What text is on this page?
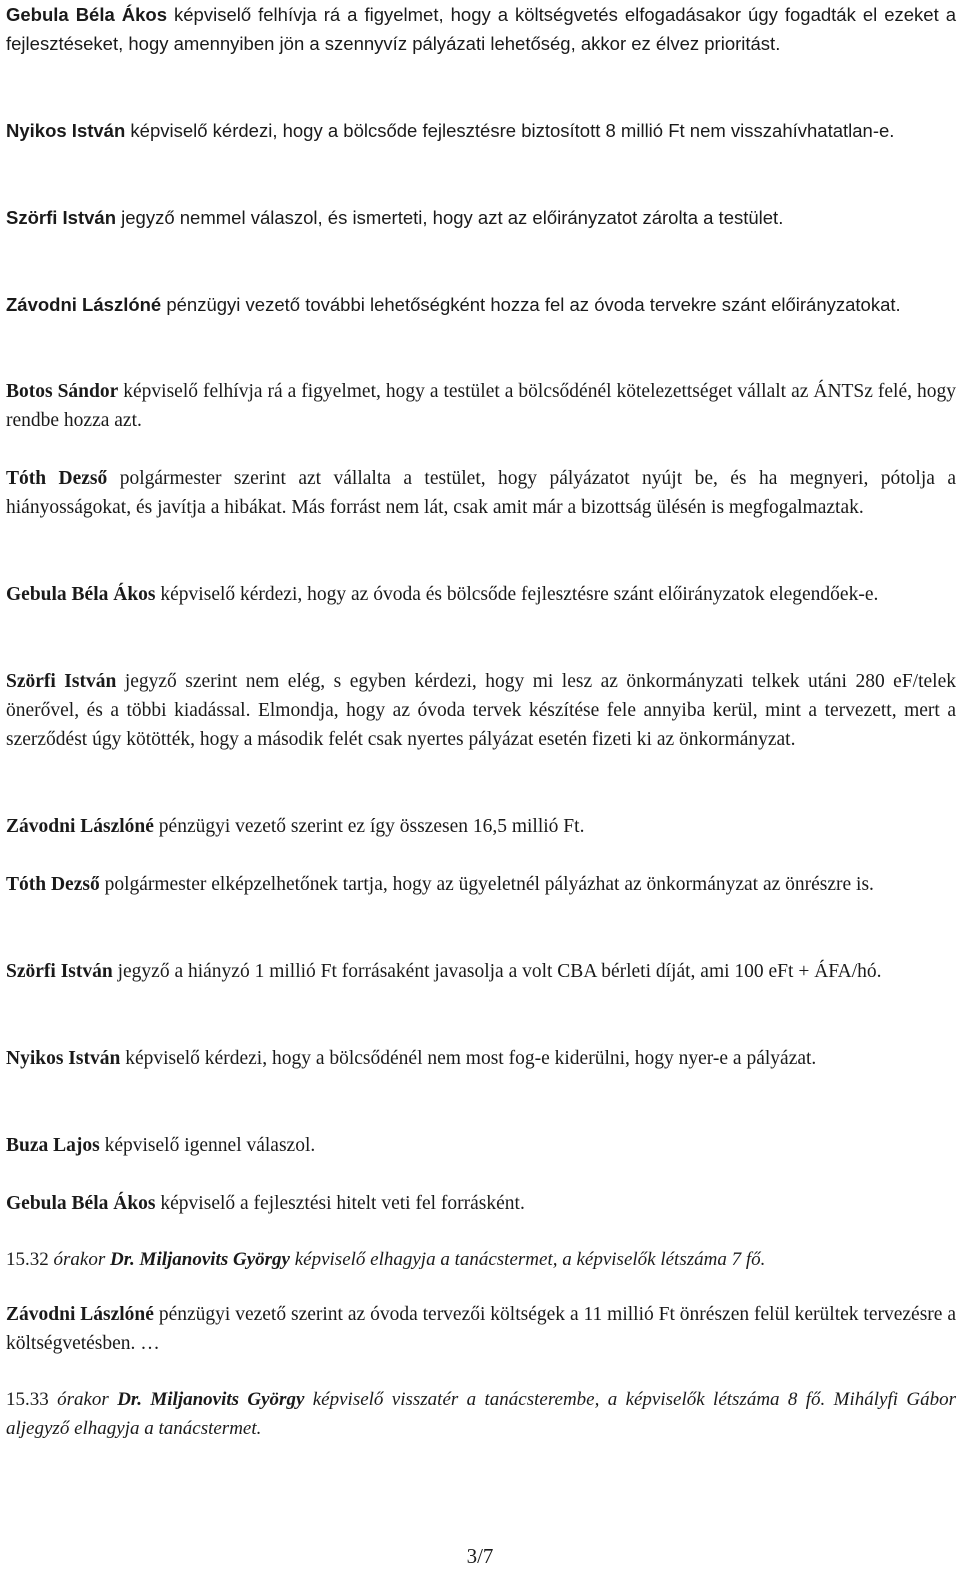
Gebula Béla Ákos képviselő felhívja rá a figyelmet, hogy a költségvetés elfogadásakor úgy fogadták el ezeket a fejlesztéseket, hogy amennyiben jön a szennyvíz pályázati lehetőség, akkor ez élvez prioritást.

Nyikos István képviselő kérdezi, hogy a bölcsőde fejlesztésre biztosított 8 millió Ft nem visszahívhatatlan-e.

Szörfi István jegyző nemmel válaszol, és ismerteti, hogy azt az előirányzatot zárolta a testület.

Závodni Lászlóné pénzügyi vezető további lehetőségként hozza fel az óvoda tervekre szánt előirányzatokat.

Botos Sándor képviselő felhívja rá a figyelmet, hogy a testület a bölcsődénél kötelezettséget vállalt az ÁNTSz felé, hogy rendbe hozza azt.

Tóth Dezső polgármester szerint azt vállalta a testület, hogy pályázatot nyújt be, és ha megnyeri, pótolja a hiányosságokat, és javítja a hibákat. Más forrást nem lát, csak amit már a bizottság ülésén is megfogalmaztak.

Gebula Béla Ákos képviselő kérdezi, hogy az óvoda és bölcsőde fejlesztésre szánt előirányzatok elegendőek-e.

Szörfi István jegyző szerint nem elég, s egyben kérdezi, hogy mi lesz az önkormányzati telkek utáni 280 eF/telek önerővel, és a többi kiadással. Elmondja, hogy az óvoda tervek készítése fele annyiba kerül, mint a tervezett, mert a szerződést úgy kötötték, hogy a második felét csak nyertes pályázat esetén fizeti ki az önkormányzat.

Závodni Lászlóné pénzügyi vezető szerint ez így összesen 16,5 millió Ft.

Tóth Dezső polgármester elképzelhetőnek tartja, hogy az ügyeletnél pályázhat az önkormányzat az önrészre is.

Szörfi István jegyző a hiányzó 1 millió Ft forrásaként javasolja a volt CBA bérleti díját, ami 100 eFt + ÁFA/hó.

Nyikos István képviselő kérdezi, hogy a bölcsődénél nem most fog-e kiderülni, hogy nyer-e a pályázat.

Buza Lajos képviselő igennel válaszol.

Gebula Béla Ákos képviselő a fejlesztési hitelt veti fel forrásként.

15.32 órakor Dr. Miljanovits György képviselő elhagyja a tanácstermet, a képviselők létszáma 7 fő.

Závodni Lászlóné pénzügyi vezető szerint az óvoda tervezői költségek a 11 millió Ft önrészen felül kerültek tervezésre a költségvetésben. …

15.33 órakor Dr. Miljanovits György képviselő visszatér a tanácsterembe, a képviselők létszáma 8 fő. Mihályfi Gábor aljegyző elhagyja a tanácstermet.

3/7
